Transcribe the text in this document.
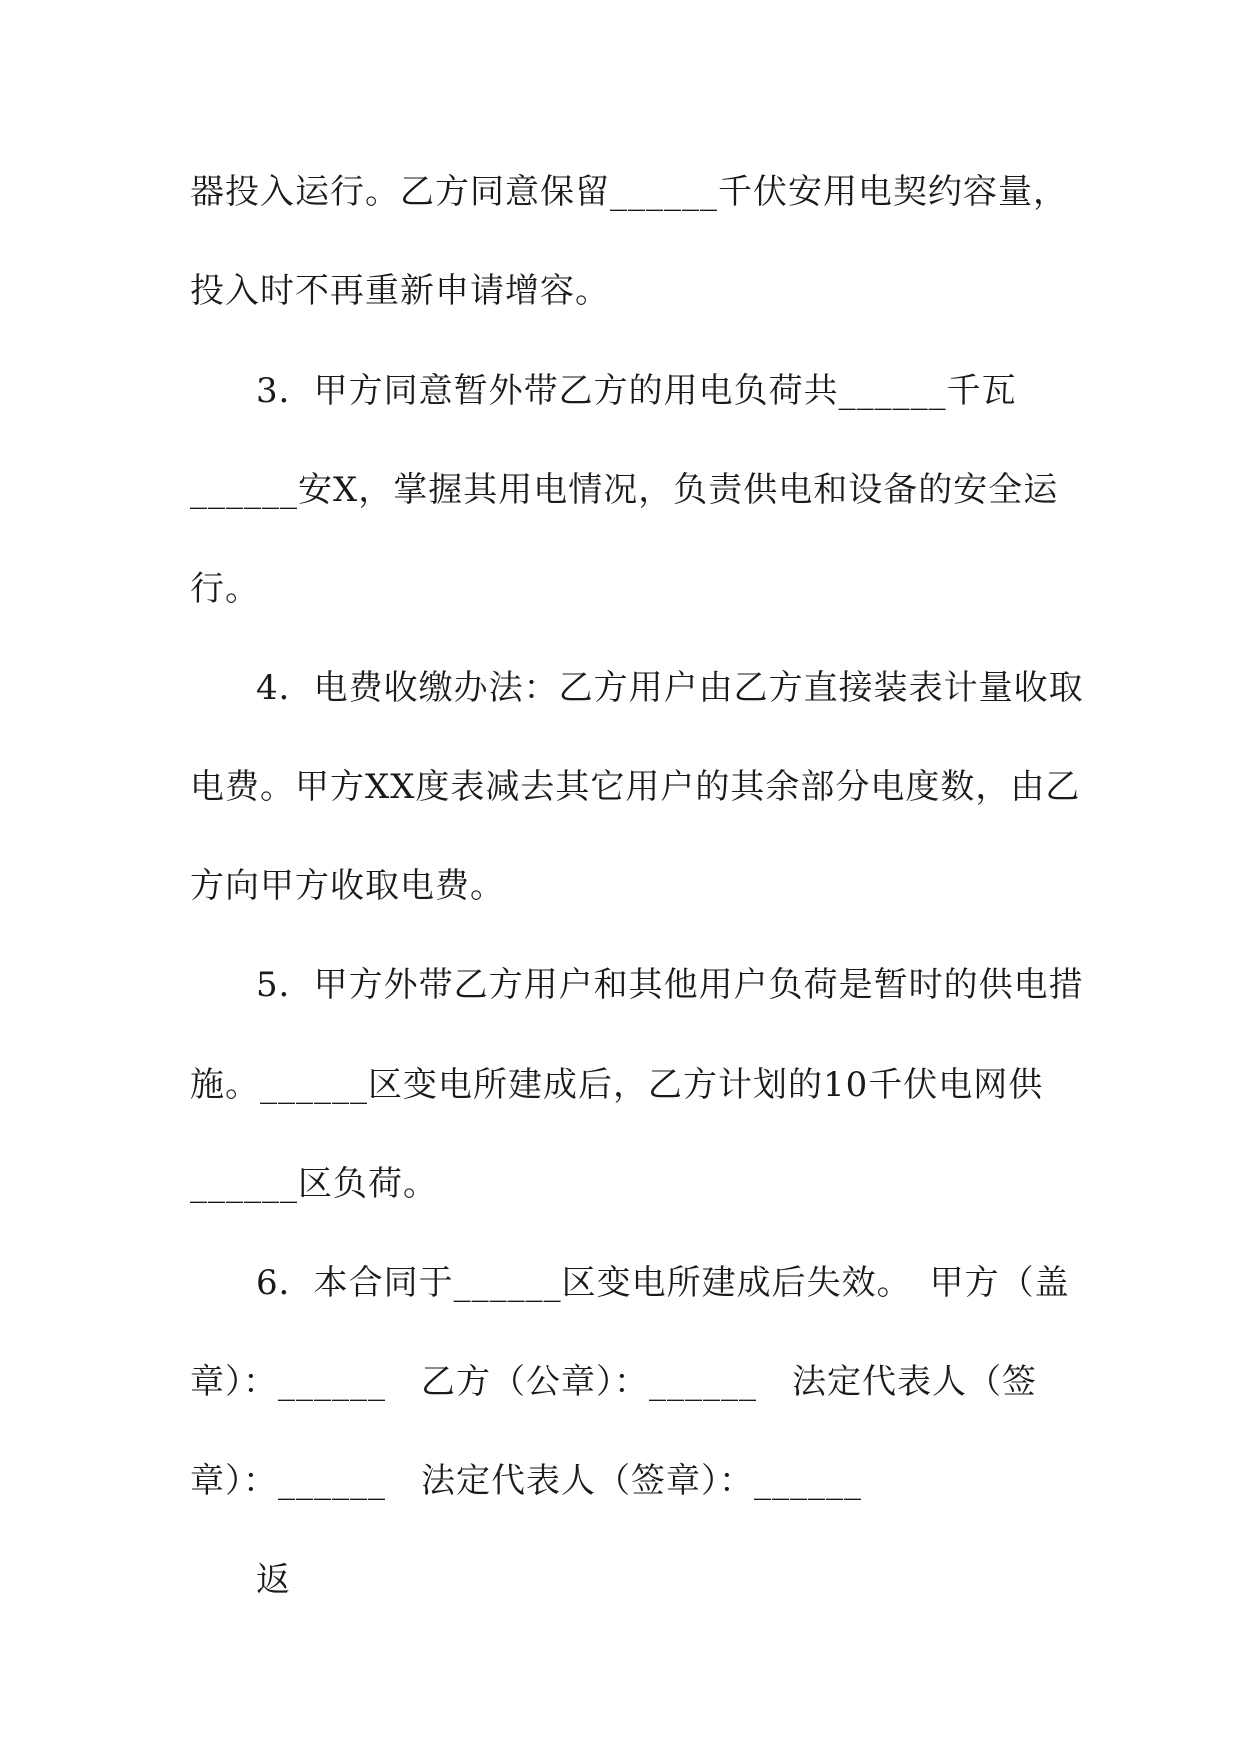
器投入运行。乙方同意保留______千伏安用电契约容量，
投入时不再重新申请增容。
3．甲方同意暂外带乙方的用电负荷共______千瓦
______安X，掌握其用电情况，负责供电和设备的安全运
行。
4．电费收缴办法：乙方用户由乙方直接装表计量收取
电费。甲方XX度表减去其它用户的其余部分电度数，由乙
方向甲方收取电费。
5．甲方外带乙方用户和其他用户负荷是暂时的供电措
施。______区变电所建成后，乙方计划的10千伏电网供
______区负荷。
6．本合同于______区变电所建成后失效。　甲方（盖
章）：______　乙方（公章）：______　法定代表人（签
章）：______　法定代表人（签章）：______
返
